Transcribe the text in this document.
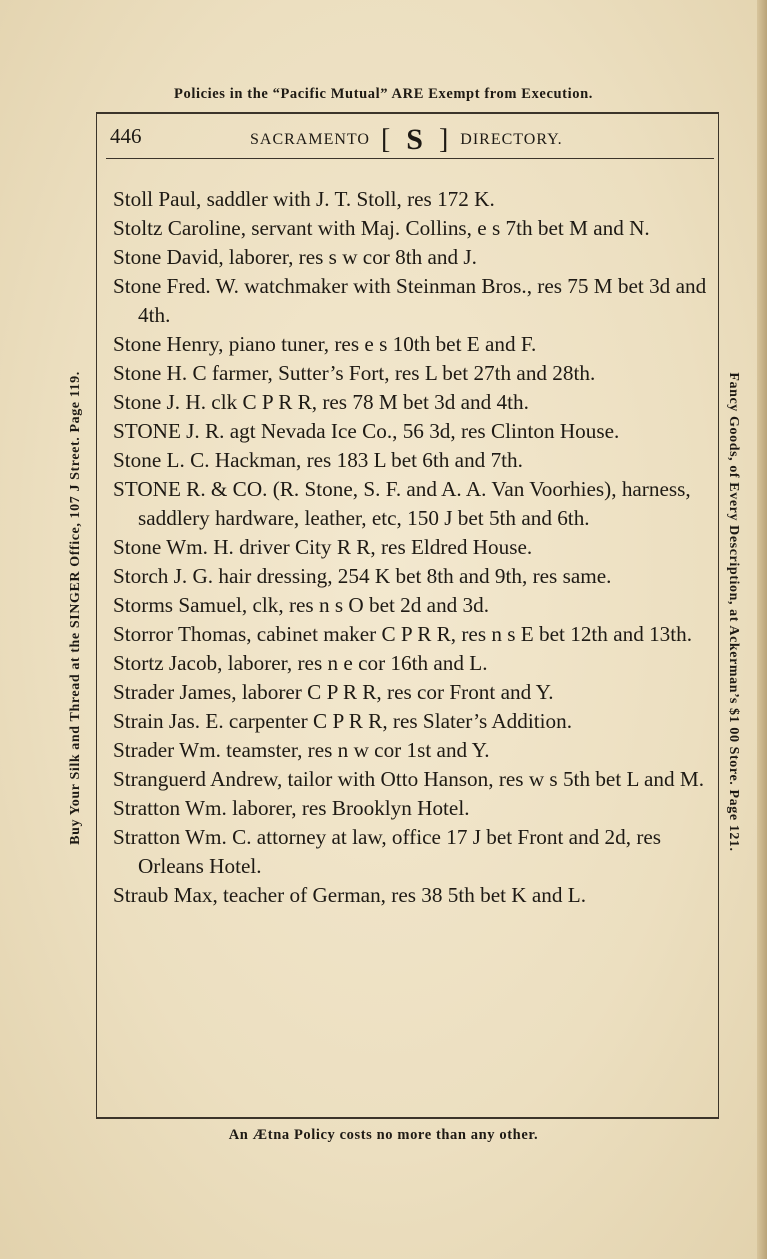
Policies in the “Pacific Mutual” ARE Exempt from Execution.
Buy Your Silk and Thread at the SINGER Office, 107 J Street. Page 119.	Fancy Goods, of Every Description, at Ackerman’s $1 00 Store. Page 121.
446	SACRAMENTO [ S ] DIRECTORY.
Stoll Paul, saddler with J. T. Stoll, res 172 K.
Stoltz Caroline, servant with Maj. Collins, e s 7th bet M and N.
Stone David, laborer, res s w cor 8th and J.
Stone Fred. W. watchmaker with Steinman Bros., res 75 M bet 3d and 4th.
Stone Henry, piano tuner, res e s 10th bet E and F.
Stone H. C farmer, Sutter’s Fort, res L bet 27th and 28th.
Stone J. H. clk C P R R, res 78 M bet 3d and 4th.
STONE J. R. agt Nevada Ice Co., 56 3d, res Clinton House.
Stone L. C. Hackman, res 183 L bet 6th and 7th.
STONE R. & CO. (R. Stone, S. F. and A. A. Van Voorhies), harness, saddlery hardware, leather, etc, 150 J bet 5th and 6th.
Stone Wm. H. driver City R R, res Eldred House.
Storch J. G. hair dressing, 254 K bet 8th and 9th, res same.
Storms Samuel, clk, res n s O bet 2d and 3d.
Storror Thomas, cabinet maker C P R R, res n s E bet 12th and 13th.
Stortz Jacob, laborer, res n e cor 16th and L.
Strader James, laborer C P R R, res cor Front and Y.
Strain Jas. E. carpenter C P R R, res Slater’s Addition.
Strader Wm. teamster, res n w cor 1st and Y.
Stranguerd Andrew, tailor with Otto Hanson, res w s 5th bet L and M.
Stratton Wm. laborer, res Brooklyn Hotel.
Stratton Wm. C. attorney at law, office 17 J bet Front and 2d, res Orleans Hotel.
Straub Max, teacher of German, res 38 5th bet K and L.
An Ætna Policy costs no more than any other.
